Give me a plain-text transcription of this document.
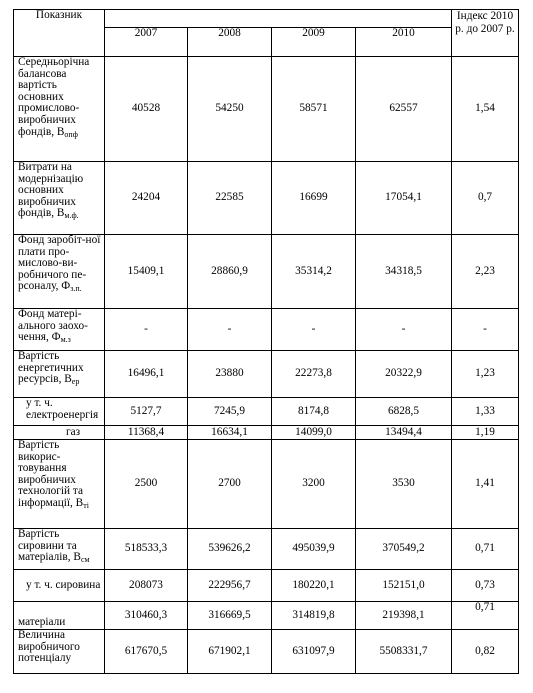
Показник					Індекс 2010 р. до 2007 р.
	2007	2008	2009	2010	
Середньорічна балансова вартість основних промислово-виробничих фондів, $В_{опф}$	40528	54250	58571	62557	1,54
Витрати на модернізацію основних виробничих фондів, $В_{м.ф.}$	24204	22585	16699	17054,1	0,7
Фонд заробіт-ної плати про-мислово-ви-робничого пе-рсоналу, $Ф_{з.п.}$	15409,1	28860,9	35314,2	34318,5	2,23
Фонд матері-ального заохо-чення, $Ф_{м.з}$	-	-	-	-	-
Вартість енергетичних ресурсів, $В_{ер}$	16496,1	23880	22273,8	20322,9	1,23
у т. ч. електроенергія	5127,7	7245,9	8174,8	6828,5	1,33
газ	11368,4	16634,1	14099,0	13494,4	1,19
Вартість викорис-товування виробничих технологій та інформації, $В_{ті}$	2500	2700	3200	3530	1,41
Вартість сировини та матеріалів, $В_{см}$	518533,3	539626,2	495039,9	370549,2	0,71
у т. ч. сировина	208073	222956,7	180220,1	152151,0	0,73
матеріали	310460,3	316669,5	314819,8	219398,1	0,71
Величина виробничого потенціалу	617670,5	671902,1	631097,9	5508331,7	0,82
